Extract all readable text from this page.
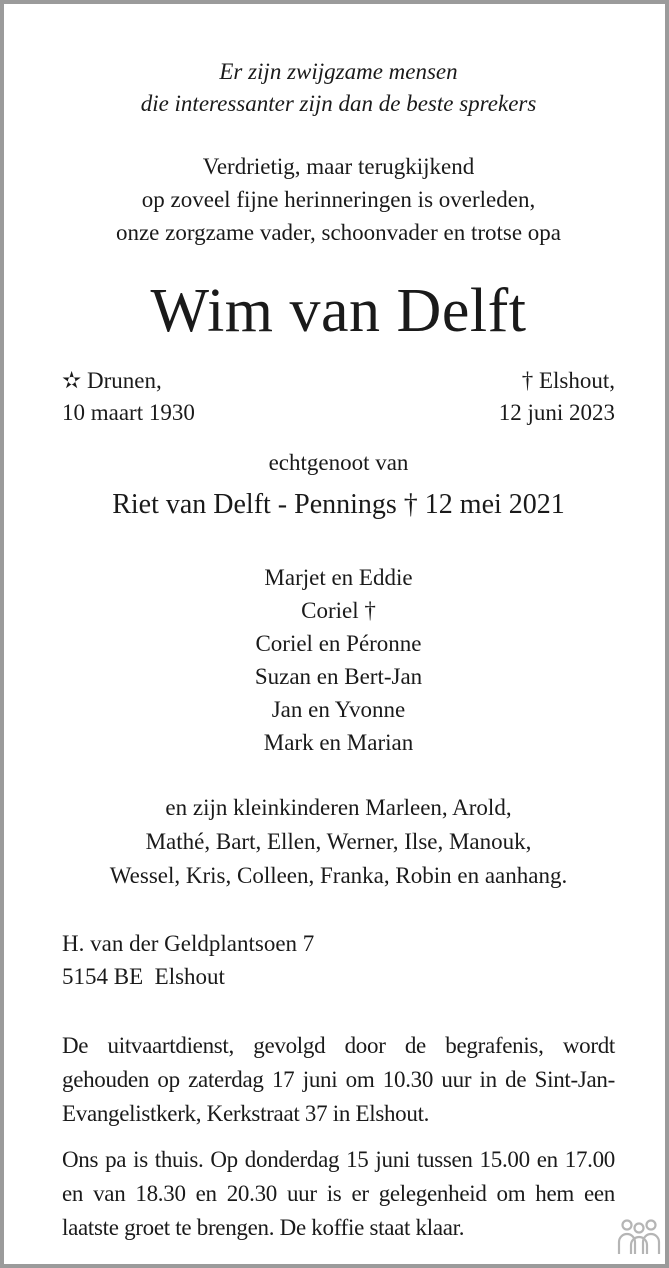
Er zijn zwijgzame mensen
die interessanter zijn dan de beste sprekers
Verdrietig, maar terugkijkend
op zoveel fijne herinneringen is overleden,
onze zorgzame vader, schoonvader en trotse opa
Wim van Delft
✫ Drunen,
10 maart 1930
† Elshout,
12 juni 2023
echtgenoot van
Riet van Delft - Pennings † 12 mei 2021
Marjet en Eddie
Coriel †
Coriel en Péronne
Suzan en Bert-Jan
Jan en Yvonne
Mark en Marian
en zijn kleinkinderen Marleen, Arold,
Mathé, Bart, Ellen, Werner, Ilse, Manouk,
Wessel, Kris, Colleen, Franka, Robin en aanhang.
H. van der Geldplantsoen 7
5154 BE  Elshout
De uitvaartdienst, gevolgd door de begrafenis, wordt gehouden op zaterdag 17 juni om 10.30 uur in de Sint-Jan-Evangelistkerk, Kerkstraat 37 in Elshout.
Ons pa is thuis. Op donderdag 15 juni tussen 15.00 en 17.00 en van 18.30 en 20.30 uur is er gelegenheid om hem een laatste groet te brengen. De koffie staat klaar.
